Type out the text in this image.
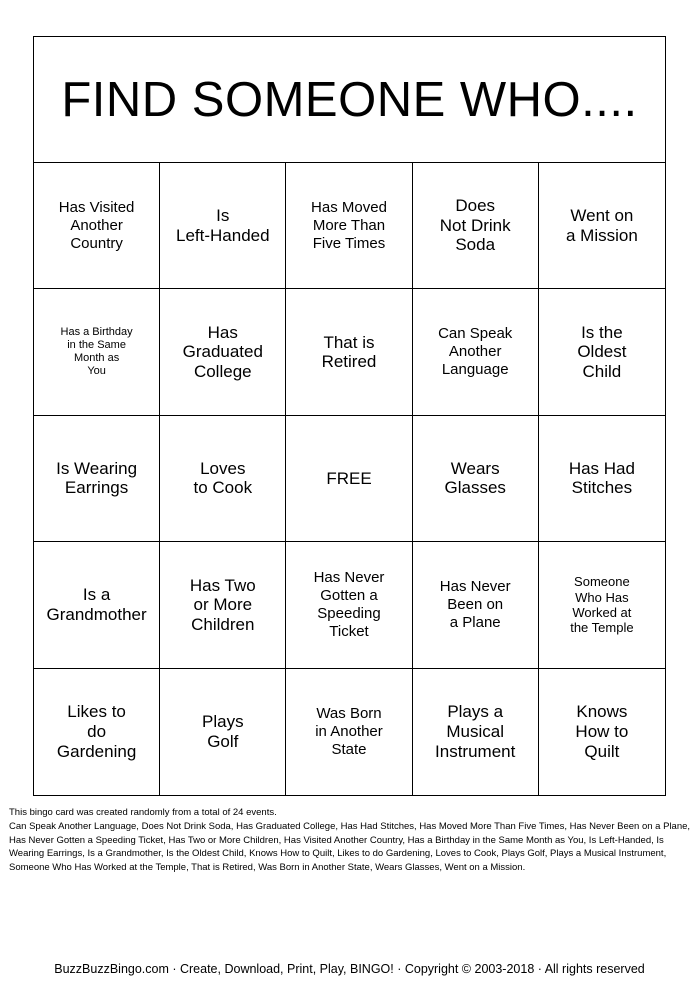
FIND SOMEONE WHO....
Has Visited
Another
Country
Is
Left-Handed
Has Moved
More Than
Five Times
Does
Not Drink
Soda
Went on
a Mission
Has a Birthday
in the Same
Month as
You
Has
Graduated
College
That is
Retired
Can Speak
Another
Language
Is the
Oldest
Child
Is Wearing
Earrings
Loves
to Cook
FREE
Wears
Glasses
Has Had
Stitches
Is a
Grandmother
Has Two
or More
Children
Has Never
Gotten a
Speeding
Ticket
Has Never
Been on
a Plane
Someone
Who Has
Worked at
the Temple
Likes to
do
Gardening
Plays
Golf
Was Born
in Another
State
Plays a
Musical
Instrument
Knows
How to
Quilt
This bingo card was created randomly from a total of 24 events.
Can Speak Another Language, Does Not Drink Soda, Has Graduated College, Has Had Stitches, Has Moved More Than Five Times, Has Never Been on a Plane, Has Never Gotten a Speeding Ticket, Has Two or More Children, Has Visited Another Country, Has a Birthday in the Same Month as You, Is Left-Handed, Is Wearing Earrings, Is a Grandmother, Is the Oldest Child, Knows How to Quilt, Likes to do Gardening, Loves to Cook, Plays Golf, Plays a Musical Instrument, Someone Who Has Worked at the Temple, That is Retired, Was Born in Another State, Wears Glasses, Went on a Mission.
BuzzBuzzBingo.com · Create, Download, Print, Play, BINGO! · Copyright © 2003-2018 · All rights reserved
